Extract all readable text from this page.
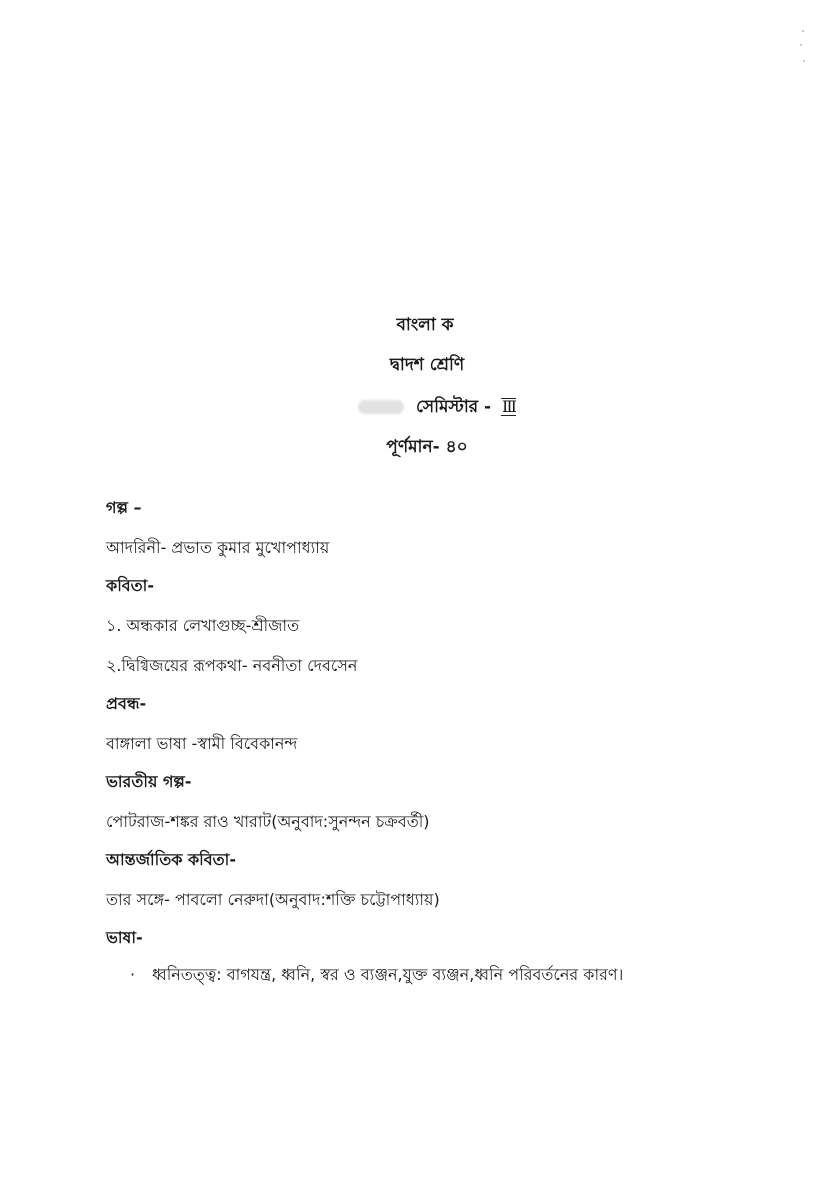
বাংলা ক
দ্বাদশ শ্রেণি
সেমিস্টার - III
পূর্ণমান- ৪০
গল্প –
আদরিনী- প্রভাত কুমার মুখোপাধ্যায়
কবিতা-
১. অন্ধকার লেখাগুচ্ছ-শ্রীজাত
২.দ্বিগ্বিজয়ের রূপকথা- নবনীতা দেবসেন
প্রবন্ধ-
বাঙ্গালা ভাষা -স্বামী বিবেকানন্দ
ভারতীয় গল্প-
পোটরাজ-শঙ্কর রাও খারাট(অনুবাদ:সুনন্দন চক্রবর্তী)
আন্তর্জাতিক কবিতা-
তার সঙ্গে- পাবলো নেরুদা(অনুবাদ:শক্তি চট্টোপাধ্যায়)
ভাষা-
· ধ্বনিতত্ত্ব: বাগযন্ত্র, ধ্বনি, স্বর ও ব্যঞ্জন,যুক্ত ব্যঞ্জন,ধ্বনি পরিবর্তনের কারণ।
